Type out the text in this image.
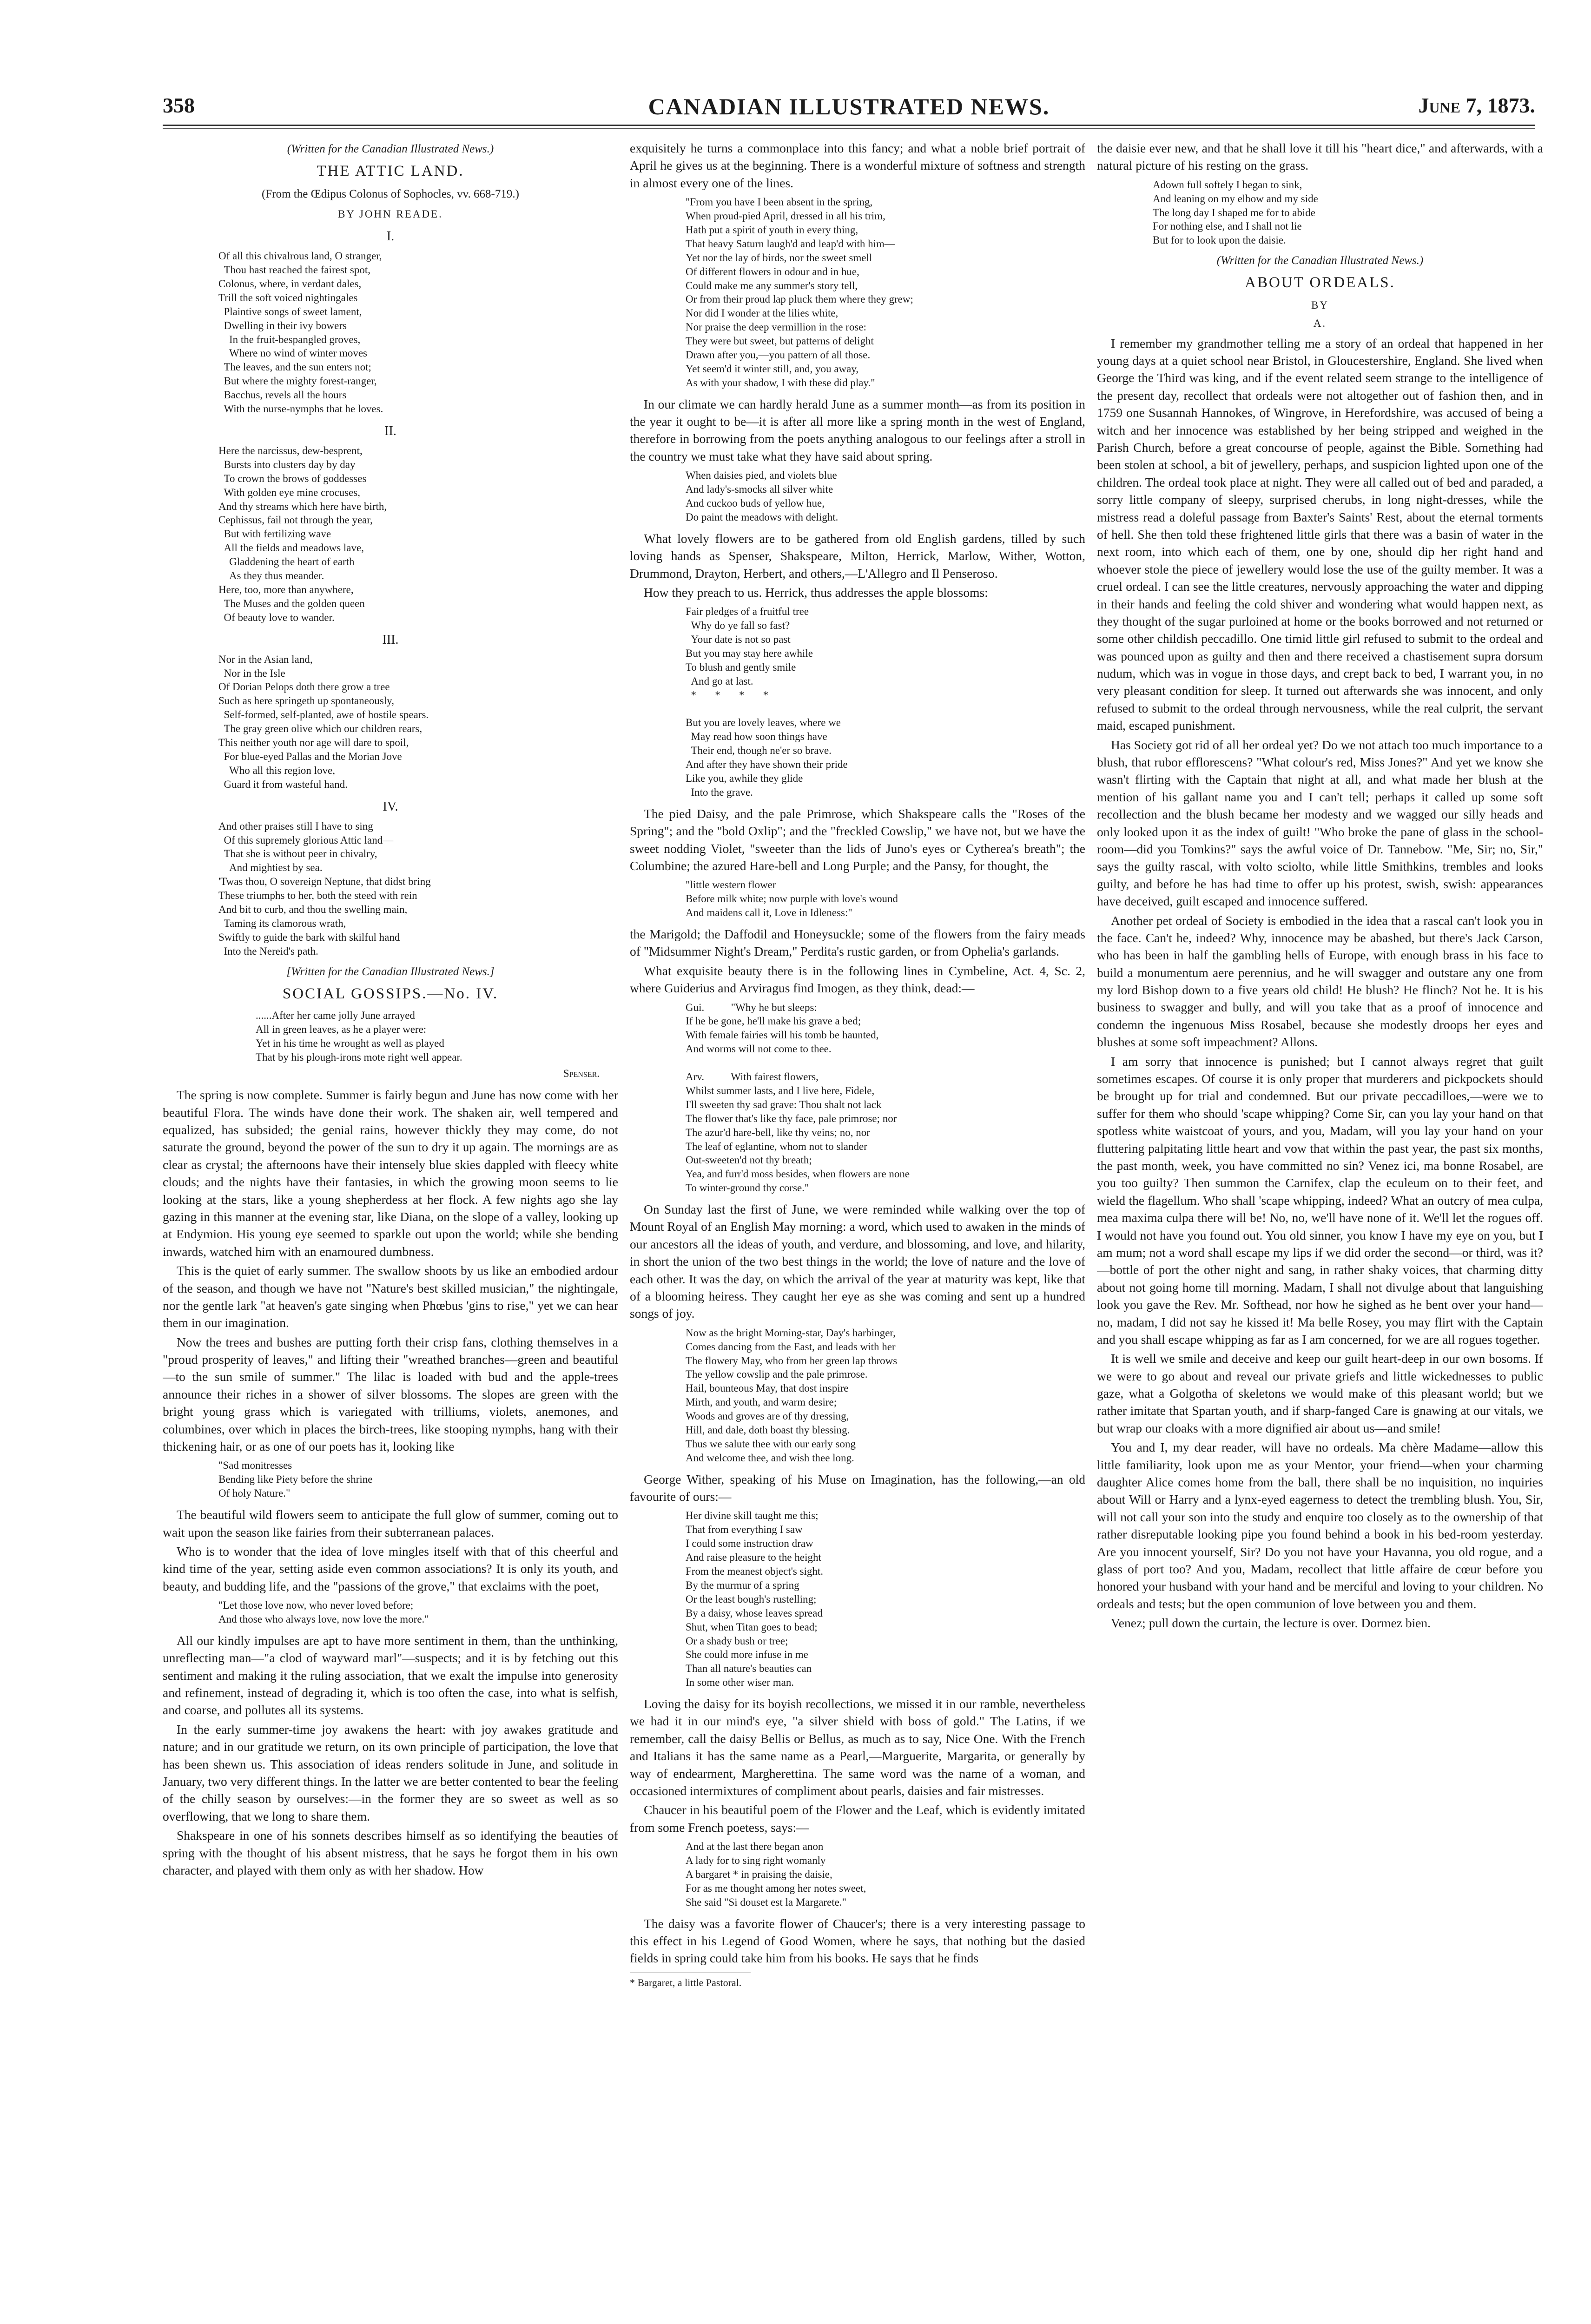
358	CANADIAN ILLUSTRATED NEWS.	June 7, 1873.
(Written for the Canadian Illustrated News.)
THE ATTIC LAND.
(From the Œdipus Colonus of Sophocles, vv. 668-719.)
BY JOHN READE.
I.
Of all this chivalrous land, O stranger,
Thou hast reached the fairest spot,
Colonus, where, in verdant dales,
Trill the soft voiced nightingales
Plaintive songs of sweet lament,
Dwelling in their ivy bowers
In the fruit-bespangled groves,
Where no wind of winter moves
The leaves, and the sun enters not;
But where the mighty forest-ranger,
Bacchus, revels all the hours
With the nurse-nymphs that he loves.
II.
Here the narcissus, dew-besprent,
Bursts into clusters day by day
To crown the brows of goddesses
With golden eye mine crocuses,
And thy streams which here have birth,
Cephissus, fail not through the year,
But with fertilizing wave
All the fields and meadows lave,
Gladdening the heart of earth
As they thus meander.
Here, too, more than anywhere,
The Muses and the golden queen
Of beauty love to wander.
III.
Nor in the Asian land,
Nor in the Isle
Of Dorian Pelops doth there grow a tree
Such as here springeth up spontaneously,
Self-formed, self-planted, awe of hostile spears.
The gray green olive which our children rears,
This neither youth nor age will dare to spoil,
For blue-eyed Pallas and the Morian Jove
Who all this region love,
Guard it from wasteful hand.
IV.
And other praises still I have to sing
Of this supremely glorious Attic land—
That she is without peer in chivalry,
And mightiest by sea.
'Twas thou, O sovereign Neptune, that didst bring
These triumphs to her, both the steed with rein
And bit to curb, and thou the swelling main,
Taming its clamorous wrath,
Swiftly to guide the bark with skilful hand
Into the Nereid's path.
[Written for the Canadian Illustrated News.]
SOCIAL GOSSIPS.—No. IV.
......After her came jolly June arrayed
All in green leaves, as he a player were:
Yet in his time he wrought as well as played
That by his plough-irons mote right well appear.
Spenser.

The spring is now complete. Summer is fairly begun and June has now come with her beautiful Flora. The winds have done their work. The shaken air, well tempered and equalized, has subsided; the genial rains, however thickly they may come, do not saturate the ground, beyond the power of the sun to dry it up again. The mornings are as clear as crystal; the afternoons have their intensely blue skies dappled with fleecy white clouds; and the nights have their fantasies, in which the growing moon seems to lie looking at the stars, like a young shepherdess at her flock. A few nights ago she lay gazing in this manner at the evening star, like Diana, on the slope of a valley, looking up at Endymion. His young eye seemed to sparkle out upon the world; while she bending inwards, watched him with an enamoured dumbness.

This is the quiet of early summer. The swallow shoots by us like an embodied ardour of the season, and though we have not "Nature's best skilled musician," the nightingale, nor the gentle lark "at heaven's gate singing when Phœbus 'gins to rise," yet we can hear them in our imagination.

Now the trees and bushes are putting forth their crisp fans, clothing themselves in a "proud prosperity of leaves," and lifting their "wreathed branches—green and beautiful—to the sun smile of summer." The lilac is loaded with bud and the apple-trees announce their riches in a shower of silver blossoms. The slopes are green with the bright young grass which is variegated with trilliums, violets, anemones, and columbines, over which in places the birch-trees, like stooping nymphs, hang with their thickening hair, or as one of our poets has it, looking like

"Sad monitresses
Bending like Piety before the shrine
Of holy Nature."

The beautiful wild flowers seem to anticipate the full glow of summer, coming out to wait upon the season like fairies from their subterranean palaces.

Who is to wonder that the idea of love mingles itself with that of this cheerful and kind time of the year, setting aside even common associations? It is only its youth, and beauty, and budding life, and the "passions of the grove," that exclaims with the poet,

"Let those love now, who never loved before;
And those who always love, now love the more."

All our kindly impulses are apt to have more sentiment in them, than the unthinking, unreflecting man—"a clod of wayward marl"—suspects; and it is by fetching out this sentiment and making it the ruling association, that we exalt the impulse into generosity and refinement, instead of degrading it, which is too often the case, into what is selfish, and coarse, and pollutes all its systems.

In the early summer-time joy awakens the heart: with joy awakes gratitude and nature; and in our gratitude we return, on its own principle of participation, the love that has been shewn us. This association of ideas renders solitude in June, and solitude in January, two very different things. In the latter we are better contented to bear the feeling of the chilly season by ourselves:—in the former they are so sweet as well as so overflowing, that we long to share them.

Shakspeare in one of his sonnets describes himself as so identifying the beauties of spring with the thought of his absent mistress, that he says he forgot them in his own character, and played with them only as with her shadow. How

exquisitely he turns a commonplace into this fancy; and what a noble brief portrait of April he gives us at the beginning. There is a wonderful mixture of softness and strength in almost every one of the lines.

"From you have I been absent in the spring,
When proud-pied April, dressed in all his trim,
Hath put a spirit of youth in every thing,
That heavy Saturn laugh'd and leap'd with him—
Yet nor the lay of birds, nor the sweet smell
Of different flowers in odour and in hue,
Could make me any summer's story tell,
Or from their proud lap pluck them where they grew;
Nor did I wonder at the lilies white,
Nor praise the deep vermillion in the rose:
They were but sweet, but patterns of delight
Drawn after you,—you pattern of all those.
Yet seem'd it winter still, and, you away,
As with your shadow, I with these did play."

In our climate we can hardly herald June as a summer month—as from its position in the year it ought to be—it is after all more like a spring month in the west of England, therefore in borrowing from the poets anything analogous to our feelings after a stroll in the country we must take what they have said about spring.

When daisies pied, and violets blue
And lady's-smocks all silver white
And cuckoo buds of yellow hue,
Do paint the meadows with delight.

What lovely flowers are to be gathered from old English gardens, tilled by such loving hands as Spenser, Shakspeare, Milton, Herrick, Marlow, Wither, Wotton, Drummond, Drayton, Herbert, and others,—L'Allegro and Il Penseroso.

How they preach to us. Herrick, thus addresses the apple blossoms:

Fair pledges of a fruitful tree
Why do ye fall so fast?
Your date is not so past
But you may stay here awhile
To blush and gently smile
And go at last.
*       *       *       *

But you are lovely leaves, where we
May read how soon things have
Their end, though ne'er so brave.
And after they have shown their pride
Like you, awhile they glide
Into the grave.

The pied Daisy, and the pale Primrose, which Shakspeare calls the "Roses of the Spring"; and the "bold Oxlip"; and the "freckled Cowslip," we have not, but we have the sweet nodding Violet, "sweeter than the lids of Juno's eyes or Cytherea's breath"; the Columbine; the azured Hare-bell and Long Purple; and the Pansy, for thought, the

"little western flower
Before milk white; now purple with love's wound
And maidens call it, Love in Idleness:"

the Marigold; the Daffodil and Honeysuckle; some of the flowers from the fairy meads of "Midsummer Night's Dream," Perdita's rustic garden, or from Ophelia's garlands.

What exquisite beauty there is in the following lines in Cymbeline, Act. 4, Sc. 2, where Guiderius and Arviragus find Imogen, as they think, dead:—

Gui.          "Why he but sleeps:
If he be gone, he'll make his grave a bed;
With female fairies will his tomb be haunted,
And worms will not come to thee.

Arv.          With fairest flowers,
Whilst summer lasts, and I live here, Fidele,
I'll sweeten thy sad grave: Thou shalt not lack
The flower that's like thy face, pale primrose; nor
The azur'd hare-bell, like thy veins; no, nor
The leaf of eglantine, whom not to slander
Out-sweeten'd not thy breath;
Yea, and furr'd moss besides, when flowers are none
To winter-ground thy corse."

On Sunday last the first of June, we were reminded while walking over the top of Mount Royal of an English May morning: a word, which used to awaken in the minds of our ancestors all the ideas of youth, and verdure, and blossoming, and love, and hilarity, in short the union of the two best things in the world; the love of nature and the love of each other. It was the day, on which the arrival of the year at maturity was kept, like that of a blooming heiress. They caught her eye as she was coming and sent up a hundred songs of joy.

Now as the bright Morning-star, Day's harbinger,
Comes dancing from the East, and leads with her
The flowery May, who from her green lap throws
The yellow cowslip and the pale primrose.
Hail, bounteous May, that dost inspire
Mirth, and youth, and warm desire;
Woods and groves are of thy dressing,
Hill, and dale, doth boast thy blessing.
Thus we salute thee with our early song
And welcome thee, and wish thee long.

George Wither, speaking of his Muse on Imagination, has the following,—an old favourite of ours:—

Her divine skill taught me this;
That from everything I saw
I could some instruction draw
And raise pleasure to the height
From the meanest object's sight.
By the murmur of a spring
Or the least bough's rustelling;
By a daisy, whose leaves spread
Shut, when Titan goes to bead;
Or a shady bush or tree;
She could more infuse in me
Than all nature's beauties can
In some other wiser man.

Loving the daisy for its boyish recollections, we missed it in our ramble, nevertheless we had it in our mind's eye, "a silver shield with boss of gold." The Latins, if we remember, call the daisy Bellis or Bellus, as much as to say, Nice One. With the French and Italians it has the same name as a Pearl,—Marguerite, Margarita, or generally by way of endearment, Margherettina. The same word was the name of a woman, and occasioned intermixtures of compliment about pearls, daisies and fair mistresses.

Chaucer in his beautiful poem of the Flower and the Leaf, which is evidently imitated from some French poetess, says:—

And at the last there began anon
A lady for to sing right womanly
A bargaret * in praising the daisie,
For as me thought among her notes sweet,
She said "Si douset est la Margarete."

The daisy was a favorite flower of Chaucer's; there is a very interesting passage to this effect in his Legend of Good Women, where he says, that nothing but the dasied fields in spring could take him from his books. He says that he finds

* Bargaret, a little Pastoral.

the daisie ever new, and that he shall love it till his "heart dice," and afterwards, with a natural picture of his resting on the grass.

Adown full softely I began to sink,
And leaning on my elbow and my side
The long day I shaped me for to abide
For nothing else, and I shall not lie
But for to look upon the daisie.
(Written for the Canadian Illustrated News.)
ABOUT ORDEALS.
BY
A.

I remember my grandmother telling me a story of an ordeal that happened in her young days at a quiet school near Bristol, in Gloucestershire, England. She lived when George the Third was king, and if the event related seem strange to the intelligence of the present day, recollect that ordeals were not altogether out of fashion then, and in 1759 one Susannah Hannokes, of Wingrove, in Herefordshire, was accused of being a witch and her innocence was established by her being stripped and weighed in the Parish Church, before a great concourse of people, against the Bible. Something had been stolen at school, a bit of jewellery, perhaps, and suspicion lighted upon one of the children. The ordeal took place at night. They were all called out of bed and paraded, a sorry little company of sleepy, surprised cherubs, in long night-dresses, while the mistress read a doleful passage from Baxter's Saints' Rest, about the eternal torments of hell. She then told these frightened little girls that there was a basin of water in the next room, into which each of them, one by one, should dip her right hand and whoever stole the piece of jewellery would lose the use of the guilty member. It was a cruel ordeal. I can see the little creatures, nervously approaching the water and dipping in their hands and feeling the cold shiver and wondering what would happen next, as they thought of the sugar purloined at home or the books borrowed and not returned or some other childish peccadillo. One timid little girl refused to submit to the ordeal and was pounced upon as guilty and then and there received a chastisement supra dorsum nudum, which was in vogue in those days, and crept back to bed, I warrant you, in no very pleasant condition for sleep. It turned out afterwards she was innocent, and only refused to submit to the ordeal through nervousness, while the real culprit, the servant maid, escaped punishment.

Has Society got rid of all her ordeal yet? Do we not attach too much importance to a blush, that rubor efflorescens? "What colour's red, Miss Jones?" And yet we know she wasn't flirting with the Captain that night at all, and what made her blush at the mention of his gallant name you and I can't tell; perhaps it called up some soft recollection and the blush became her modesty and we wagged our silly heads and only looked upon it as the index of guilt! "Who broke the pane of glass in the school-room—did you Tomkins?" says the awful voice of Dr. Tannebow. "Me, Sir; no, Sir," says the guilty rascal, with volto sciolto, while little Smithkins, trembles and looks guilty, and before he has had time to offer up his protest, swish, swish: appearances have deceived, guilt escaped and innocence suffered.

Another pet ordeal of Society is embodied in the idea that a rascal can't look you in the face. Can't he, indeed? Why, innocence may be abashed, but there's Jack Carson, who has been in half the gambling hells of Europe, with enough brass in his face to build a monumentum aere perennius, and he will swagger and outstare any one from my lord Bishop down to a five years old child! He blush? He flinch? Not he. It is his business to swagger and bully, and will you take that as a proof of innocence and condemn the ingenuous Miss Rosabel, because she modestly droops her eyes and blushes at some soft impeachment? Allons.

I am sorry that innocence is punished; but I cannot always regret that guilt sometimes escapes. Of course it is only proper that murderers and pickpockets should be brought up for trial and condemned. But our private peccadilloes,—were we to suffer for them who should 'scape whipping? Come Sir, can you lay your hand on that spotless white waistcoat of yours, and you, Madam, will you lay your hand on your fluttering palpitating little heart and vow that within the past year, the past six months, the past month, week, you have committed no sin? Venez ici, ma bonne Rosabel, are you too guilty? Then summon the Carnifex, clap the eculeum on to their feet, and wield the flagellum. Who shall 'scape whipping, indeed? What an outcry of mea culpa, mea maxima culpa there will be! No, no, we'll have none of it. We'll let the rogues off. I would not have you found out. You old sinner, you know I have my eye on you, but I am mum; not a word shall escape my lips if we did order the second—or third, was it?—bottle of port the other night and sang, in rather shaky voices, that charming ditty about not going home till morning. Madam, I shall not divulge about that languishing look you gave the Rev. Mr. Softhead, nor how he sighed as he bent over your hand—no, madam, I did not say he kissed it! Ma belle Rosey, you may flirt with the Captain and you shall escape whipping as far as I am concerned, for we are all rogues together.

It is well we smile and deceive and keep our guilt heart-deep in our own bosoms. If we were to go about and reveal our private griefs and little wickednesses to public gaze, what a Golgotha of skeletons we would make of this pleasant world; but we rather imitate that Spartan youth, and if sharp-fanged Care is gnawing at our vitals, we but wrap our cloaks with a more dignified air about us—and smile!

You and I, my dear reader, will have no ordeals. Ma chère Madame—allow this little familiarity, look upon me as your Mentor, your friend—when your charming daughter Alice comes home from the ball, there shall be no inquisition, no inquiries about Will or Harry and a lynx-eyed eagerness to detect the trembling blush. You, Sir, will not call your son into the study and enquire too closely as to the ownership of that rather disreputable looking pipe you found behind a book in his bed-room yesterday. Are you innocent yourself, Sir? Do you not have your Havanna, you old rogue, and a glass of port too? And you, Madam, recollect that little affaire de cœur before you honored your husband with your hand and be merciful and loving to your children. No ordeals and tests; but the open communion of love between you and them.

Venez; pull down the curtain, the lecture is over. Dormez bien.
